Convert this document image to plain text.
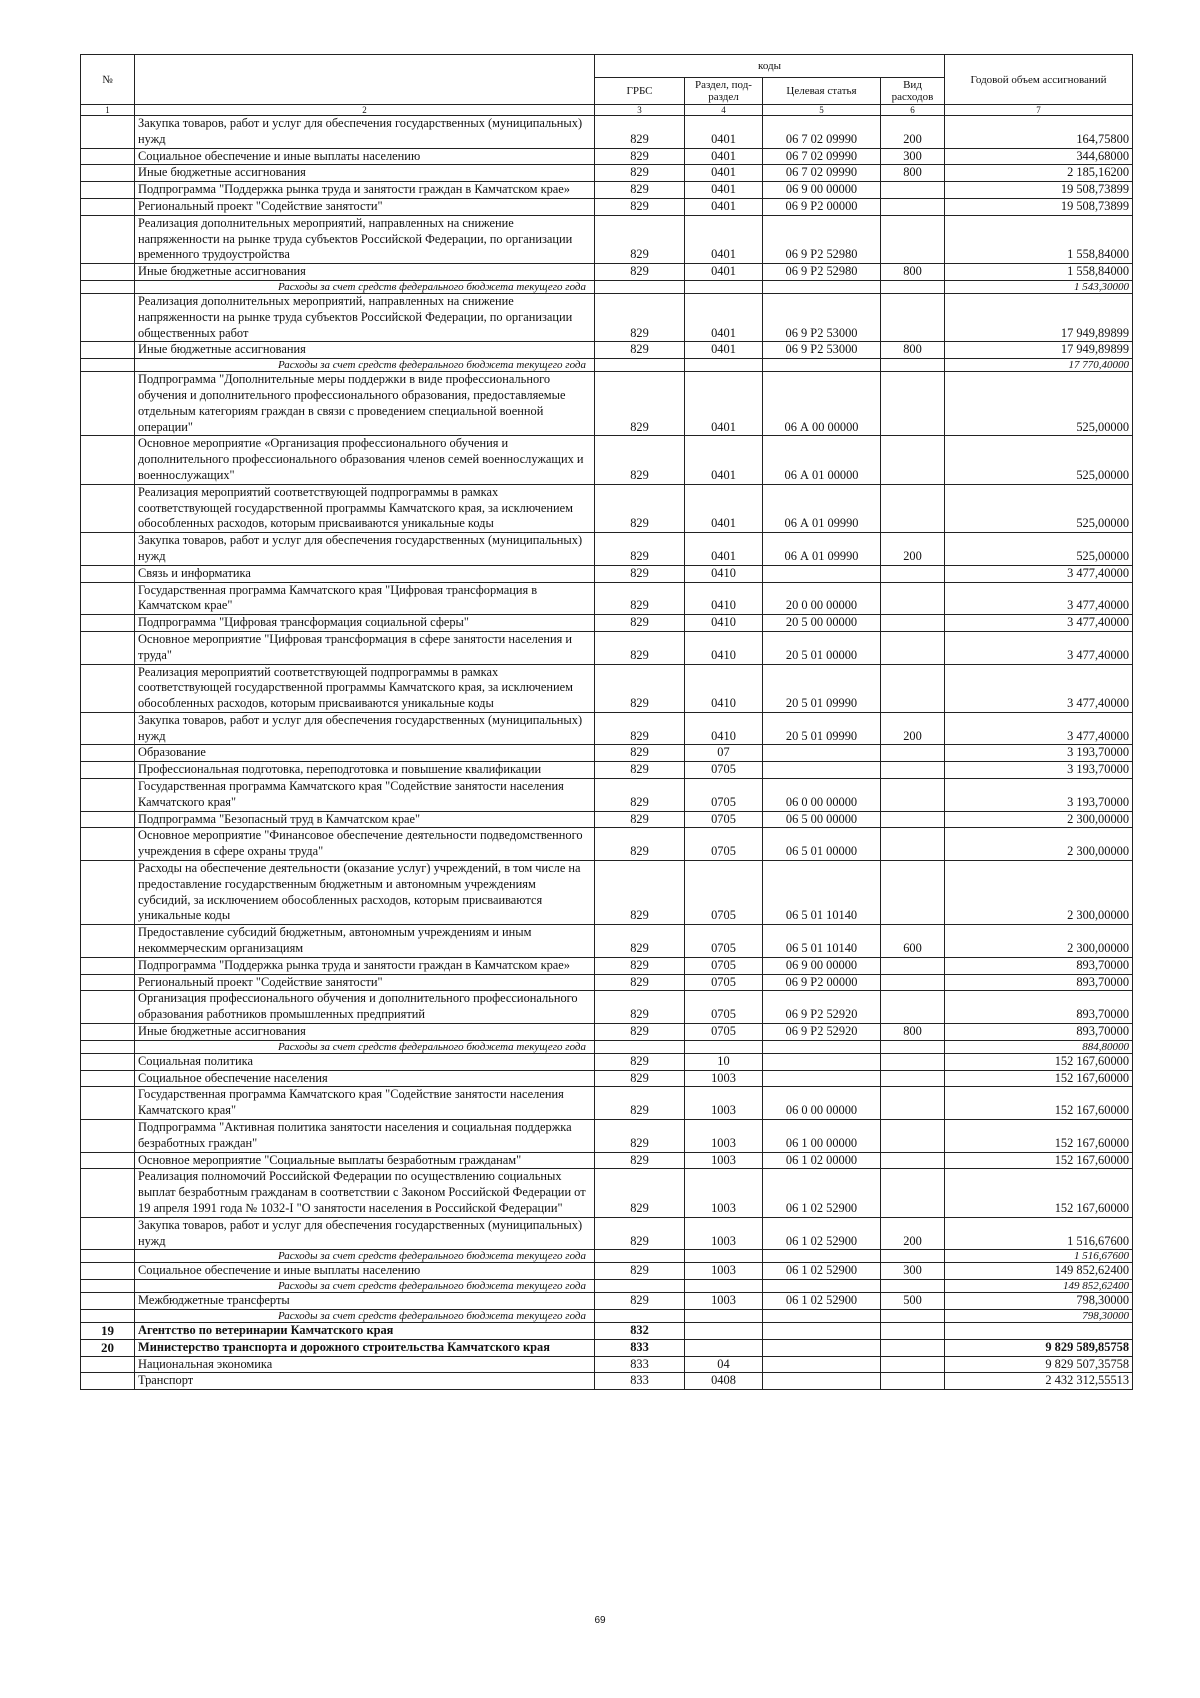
№		коды				Годовой объем ассигнований
		ГРБС	Раздел, под-раздел	Целевая статья	Вид расходов	
1	2	3	4	5	6	7
	Закупка товаров, работ и услуг для обеспечения государственных (муниципальных) нужд	829	0401	06 7 02 09990	200	164,75800
	Социальное обеспечение и иные выплаты населению	829	0401	06 7 02 09990	300	344,68000
	Иные бюджетные ассигнования	829	0401	06 7 02 09990	800	2 185,16200
	Подпрограмма "Поддержка рынка труда и занятости граждан в Камчатском крае»	829	0401	06 9 00 00000		19 508,73899
	Региональный проект "Содействие занятости"	829	0401	06 9 Р2 00000		19 508,73899
	Реализация дополнительных мероприятий, направленных на снижение напряженности на рынке труда субъектов Российской Федерации, по организации временного трудоустройства	829	0401	06 9 Р2 52980		1 558,84000
	Иные бюджетные ассигнования	829	0401	06 9 Р2 52980	800	1 558,84000
	Расходы за счет средств федерального бюджета текущего года					1 543,30000
	Реализация дополнительных мероприятий, направленных на снижение напряженности на рынке труда субъектов Российской Федерации, по организации общественных работ	829	0401	06 9 Р2 53000		17 949,89899
	Иные бюджетные ассигнования	829	0401	06 9 Р2 53000	800	17 949,89899
	Расходы за счет средств федерального бюджета текущего года					17 770,40000
	Подпрограмма "Дополнительные меры поддержки в виде профессионального обучения и дополнительного профессионального образования, предоставляемые отдельным категориям граждан в связи с проведением специальной военной операции"	829	0401	06 А 00 00000		525,00000
	Основное мероприятие «Организация профессионального обучения и дополнительного профессионального образования членов семей военнослужащих и военнослужащих"	829	0401	06 А 01 00000		525,00000
	Реализация мероприятий соответствующей подпрограммы в рамках соответствующей государственной программы Камчатского края, за исключением обособленных расходов, которым присваиваются уникальные коды	829	0401	06 А 01 09990		525,00000
	Закупка товаров, работ и услуг для обеспечения государственных (муниципальных) нужд	829	0401	06 А 01 09990	200	525,00000
	Связь и информатика	829	0410			3 477,40000
	Государственная программа Камчатского края "Цифровая трансформация в Камчатском крае"	829	0410	20 0 00 00000		3 477,40000
	Подпрограмма "Цифровая трансформация социальной сферы"	829	0410	20 5 00 00000		3 477,40000
	Основное мероприятие "Цифровая трансформация в сфере занятости населения и труда"	829	0410	20 5 01 00000		3 477,40000
	Реализация мероприятий соответствующей подпрограммы в рамках соответствующей государственной программы Камчатского края, за исключением обособленных расходов, которым присваиваются уникальные коды	829	0410	20 5 01 09990		3 477,40000
	Закупка товаров, работ и услуг для обеспечения государственных (муниципальных) нужд	829	0410	20 5 01 09990	200	3 477,40000
	Образование	829	07			3 193,70000
	Профессиональная подготовка, переподготовка и повышение квалификации	829	0705			3 193,70000
	Государственная программа Камчатского края "Содействие занятости населения Камчатского края"	829	0705	06 0 00 00000		3 193,70000
	Подпрограмма "Безопасный труд в Камчатском крае"	829	0705	06 5 00 00000		2 300,00000
	Основное мероприятие "Финансовое обеспечение деятельности подведомственного учреждения в сфере охраны труда"	829	0705	06 5 01 00000		2 300,00000
	Расходы на обеспечение деятельности (оказание услуг) учреждений, в том числе на предоставление государственным бюджетным и автономным учреждениям субсидий, за исключением обособленных расходов, которым присваиваются уникальные коды	829	0705	06 5 01 10140		2 300,00000
	Предоставление субсидий бюджетным, автономным учреждениям и иным некоммерческим организациям	829	0705	06 5 01 10140	600	2 300,00000
	Подпрограмма "Поддержка рынка труда и занятости граждан в Камчатском крае»	829	0705	06 9 00 00000		893,70000
	Региональный проект "Содействие занятости"	829	0705	06 9 Р2 00000		893,70000
	Организация профессионального обучения и дополнительного профессионального образования работников промышленных предприятий	829	0705	06 9 Р2 52920		893,70000
	Иные бюджетные ассигнования	829	0705	06 9 Р2 52920	800	893,70000
	Расходы за счет средств федерального бюджета текущего года					884,80000
	Социальная политика	829	10			152 167,60000
	Социальное обеспечение населения	829	1003			152 167,60000
	Государственная программа Камчатского края "Содействие занятости населения Камчатского края"	829	1003	06 0 00 00000		152 167,60000
	Подпрограмма "Активная политика занятости населения и социальная поддержка безработных граждан"	829	1003	06 1 00 00000		152 167,60000
	Основное мероприятие "Социальные выплаты безработным гражданам"	829	1003	06 1 02 00000		152 167,60000
	Реализация полномочий Российской Федерации по осуществлению социальных выплат безработным гражданам в соответствии с Законом Российской Федерации от 19 апреля 1991 года № 1032-I "О занятости населения в Российской Федерации"	829	1003	06 1 02 52900		152 167,60000
	Закупка товаров, работ и услуг для обеспечения государственных (муниципальных) нужд	829	1003	06 1 02 52900	200	1 516,67600
	Расходы за счет средств федерального бюджета текущего года					1 516,67600
	Социальное обеспечение и иные выплаты населению	829	1003	06 1 02 52900	300	149 852,62400
	Расходы за счет средств федерального бюджета текущего года					149 852,62400
	Межбюджетные трансферты	829	1003	06 1 02 52900	500	798,30000
	Расходы за счет средств федерального бюджета текущего года					798,30000
19	Агентство по ветеринарии Камчатского края	832				
20	Министерство транспорта и дорожного строительства Камчатского края	833				9 829 589,85758
	Национальная экономика	833	04			9 829 507,35758
	Транспорт	833	0408			2 432 312,55513
69
